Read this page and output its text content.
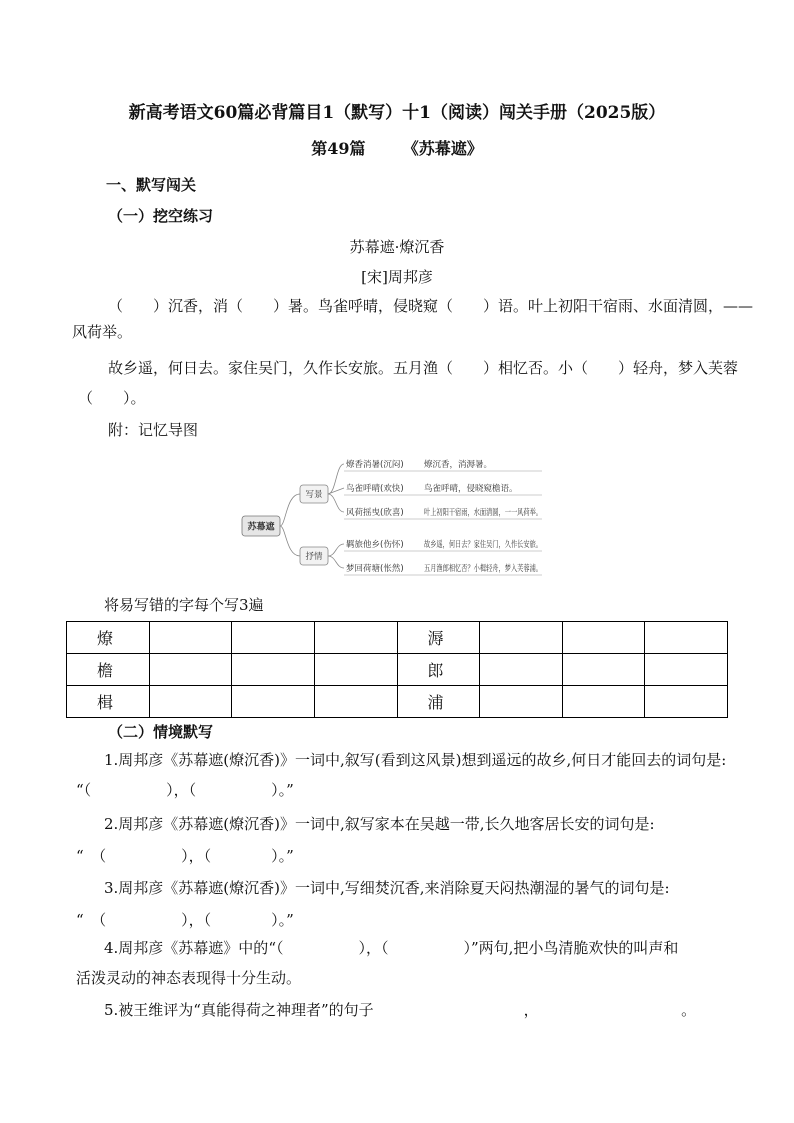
新高考语文60篇必背篇目1（默写）十1（阅读）闯关手册（2025版）
第49篇 《苏幕遮》
一、默写闯关
（一）挖空练习
苏幕遮·燎沉香
[宋]周邦彦
（　　）沉香，消（　　）暑。鸟雀呼晴，侵晓窥（　　）语。叶上初阳干宿雨、水面清圆，——
风荷举。
故乡遥，何日去。家住吴门，久作长安旅。五月渔（　　）相忆否。小（　　）轻舟，梦入芙蓉
（　　）。
附：记忆导图
苏幕遮
写景
抒情
燎香消暑(沉闷) 燎沉香，消溽暑。
鸟雀呼晴(欢快) 鸟雀呼晴，侵晓窥檐语。
风荷摇曳(欣喜) 叶上初阳干宿雨，水面清圆，一一风荷举。
羁旅他乡(伤怀) 故乡遥，何日去？家住吴门，久作长安旅。
梦回荷塘(怅然) 五月渔郎相忆否？小楫轻舟，梦入芙蓉浦。
将易写错的字每个写3遍
燎				溽			
檐				郎			
楫				浦			
（二）情境默写
1.周邦彦《苏幕遮(燎沉香)》一词中,叙写(看到这风景)想到遥远的故乡,何日才能回去的词句是:
“（　　　　　），（　　　　　）。”
2.周邦彦《苏幕遮(燎沉香)》一词中,叙写家本在吴越一带,长久地客居长安的词句是:
“　（　　　　　），（　　　　）。”
3.周邦彦《苏幕遮(燎沉香)》一词中,写细焚沉香,来消除夏天闷热潮湿的暑气的词句是:
“　（　　　　　），（　　　　）。”
4.周邦彦《苏幕遮》中的“（　　　　　），（　　　　　）”两句,把小鸟清脆欢快的叫声和
活泼灵动的神态表现得十分生动。
5.被王维评为“真能得荷之神理者”的句子　　　　　　　　　　，　　　　　　　　　　。
